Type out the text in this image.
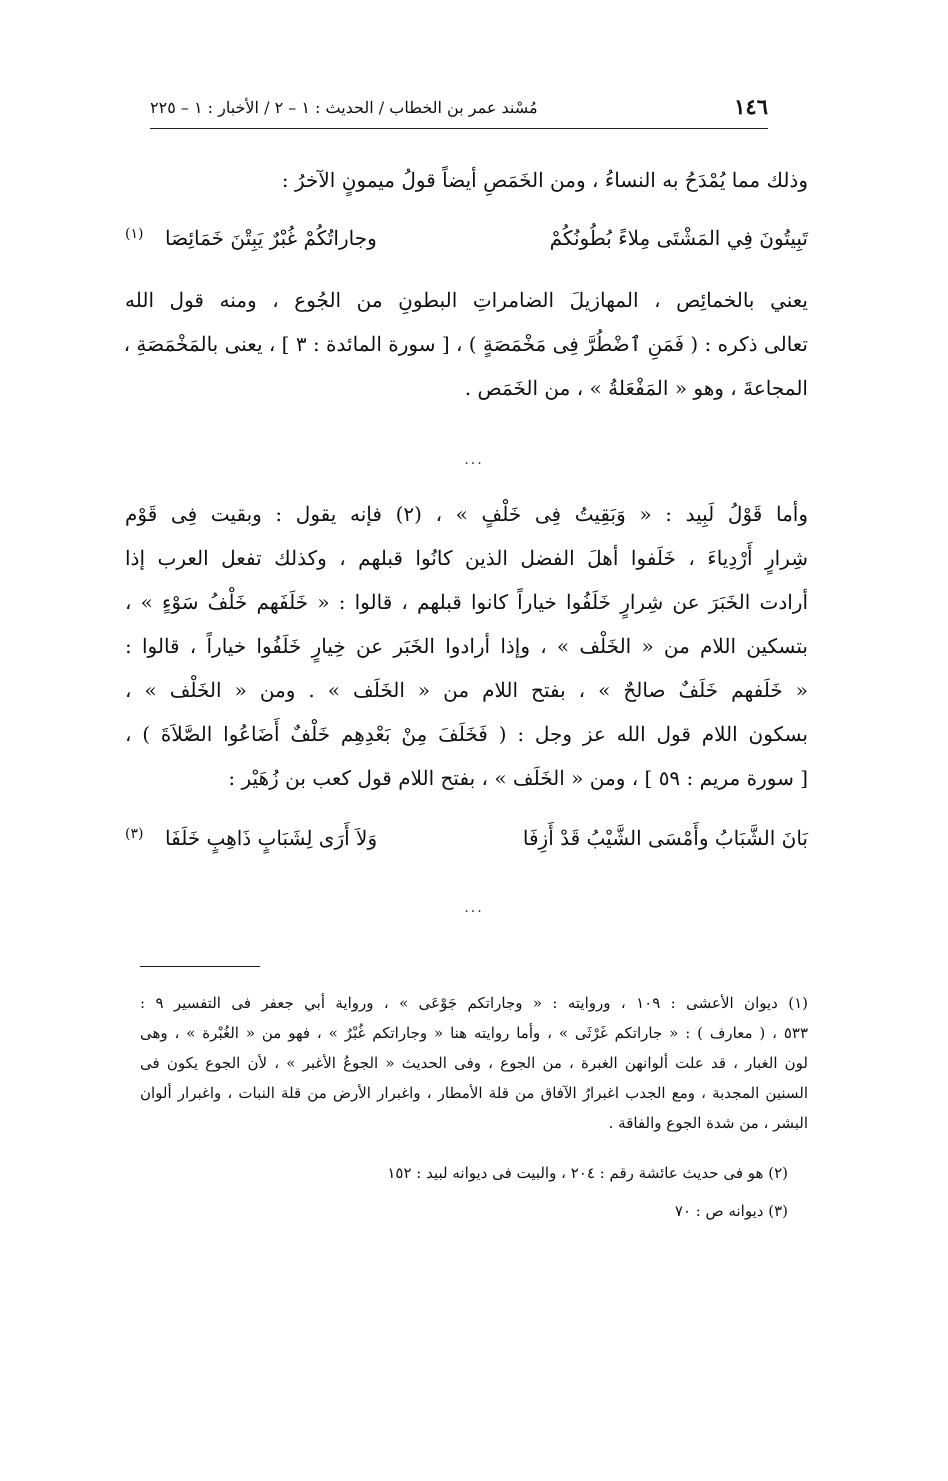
١٤٦
مُسْند عمر بن الخطاب / الحديث : ١ – ٢ / الأخبار : ١ – ٢٢٥
وذلك مما يُمْدَحُ به النساءُ ، ومن الخَمَصِ أيضاً قولُ ميمونٍ الآخرُ :
تَبِيتُونَ فِي المَشْتَى مِلاءً بُطُونُكُمْ
وجاراتُكُمْ غُبْرٌ يَبِتْنَ خَمَائِصَا
(١)
يعني بالخمائِص ، المهازيلَ الضامراتِ البطونِ من الجُوع ، ومنه قول الله
تعالى ذكره : ( فَمَنِ ٱضْطُرَّ فِى مَخْمَصَةٍ ) ، [ سورة المائدة : ٣ ] ، يعنى بالمَخْمَصَةِ ،
المجاعةَ ، وهو « المَفْعَلةُ » ، من الخَمَص .
...
وأما قَوْلُ لَبِيد : « وَبَقِيتُ فِى خَلْفٍ » ، (٢) فإنه يقول : وبقيت فِى قَوْم
شِرارٍ أَرْدِياءَ ، خَلَفوا أهلَ الفضل الذين كانُوا قبلهم ، وكذلك تفعل العرب إذا
أرادت الخَبَرَ عن شِرارٍ خَلَفُوا خياراً كانوا قبلهم ، قالوا : « خَلَفَهم خَلْفُ سَوْءٍ » ،
بتسكين اللام من « الخَلْف » ، وإذا أرادوا الخَبَر عن خِيارٍ خَلَفُوا خياراً ، قالوا :
« خَلَفهم خَلَفٌ صالحٌ » ، بفتح اللام من « الخَلَف » . ومن « الخَلْف » ،
بسكون اللام قول الله عز وجل : ( فَخَلَفَ مِنْ بَعْدِهِم خَلْفٌ أَضَاعُوا الصَّلاَةَ ) ،
[ سورة مريم : ٥٩ ] ، ومن « الخَلَف » ، بفتح اللام قول كعب بن زُهَيْر :
بَانَ الشَّبَابُ وأَمْسَى الشَّيْبُ قَدْ أَزِفَا
وَلاَ أَرَى لِشَبَابٍ ذَاهِبٍ خَلَفَا
(٣)
...
(١) ديوان الأعشى : ١٠٩ ، وروايته : « وجاراتكم جَوْعَى » ، ورواية أبي جعفر فى التفسير ٩ :
٥٣٣ ، ( معارف ) : « جاراتكم غَرْثَى » ، وأما روايته هنا « وجاراتكم غُبْرٌ » ، فهو من « الغُبْرة » ، وهى
لون الغبار ، قد علت ألوانهن الغبرة ، من الجوع ، وفى الحديث « الجوعُ الأغبر » ، لأن الجوع يكون فى
السنين المجدبة ، ومع الجدب اغبرارُ الآفاق من قلة الأمطار ، واغبرار الأرض من قلة النبات ، واغبرار ألوان
البشر ، من شدة الجوع والفاقة .
(٢) هو فى حديث عائشة رقم : ٢٠٤ ، والبيت فى ديوانه لبيد : ١٥٢
(٣) ديوانه ص : ٧٠
